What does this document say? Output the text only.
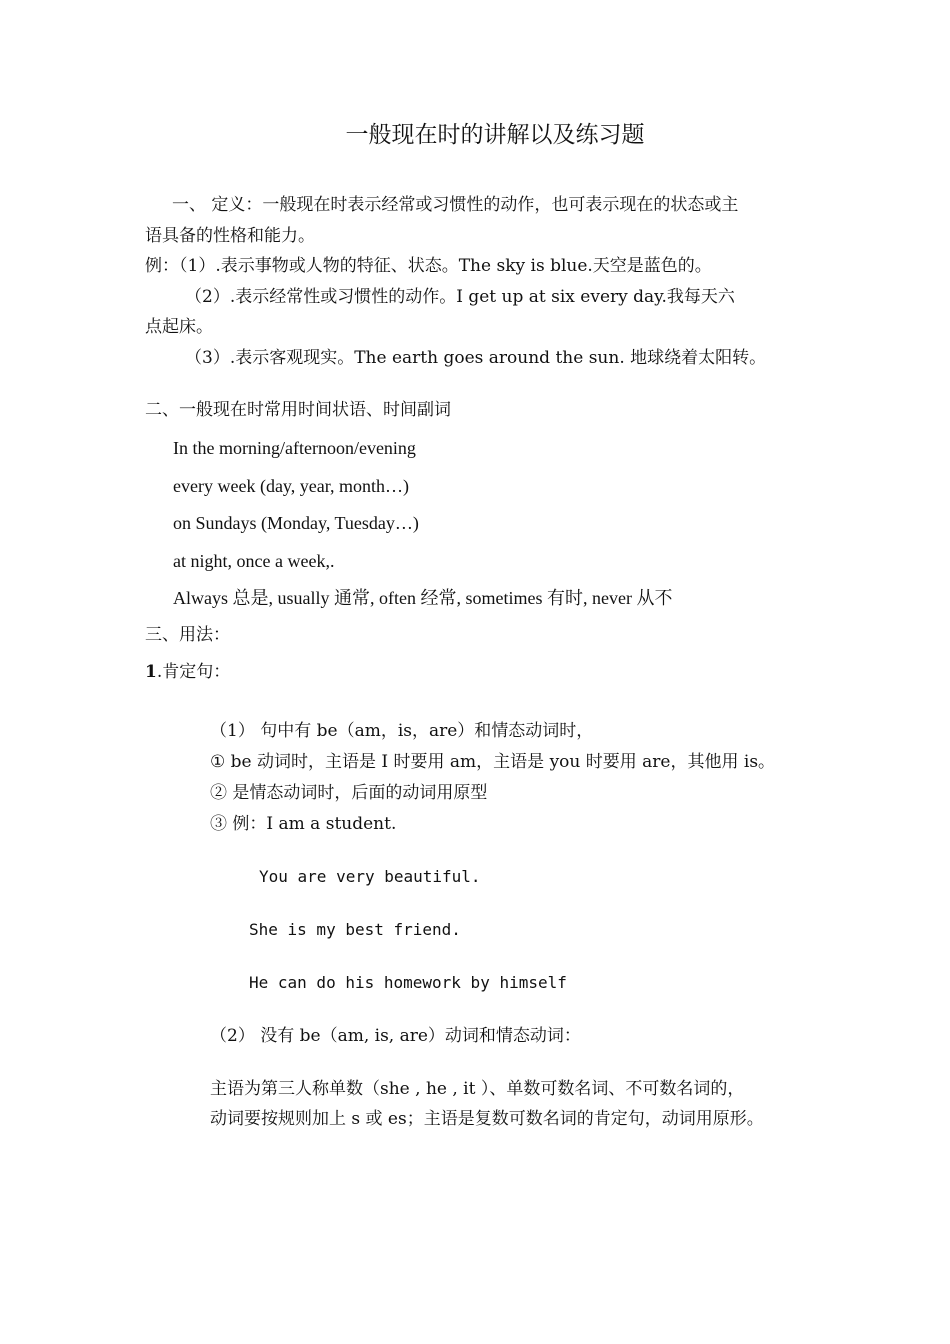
一般现在时的讲解以及练习题
一、 定义：一般现在时表示经常或习惯性的动作，也可表示现在的状态或主
语具备的性格和能力。
例：（1）.表示事物或人物的特征、状态。The sky is blue.天空是蓝色的。
（2）.表示经常性或习惯性的动作。I get up at six every day.我每天六
点起床。
（3）.表示客观现实。The earth goes around the sun. 地球绕着太阳转。
二、一般现在时常用时间状语、时间副词
In the morning/afternoon/evening
every week (day, year, month…)
on Sundays (Monday, Tuesday…)
at night, once a week,.
Always 总是, usually 通常, often 经常, sometimes 有时, never 从不
三、用法：
1.肯定句：
（1） 句中有 be（am，is，are）和情态动词时，
① be 动词时，主语是 I 时要用 am，主语是 you 时要用 are，其他用 is。
② 是情态动词时，后面的动词用原型
③ 例：I am a student.
You are very beautiful.
She is my best friend.
He can do his homework by himself
（2） 没有 be（am, is, are）动词和情态动词：
主语为第三人称单数（she , he , it ）、单数可数名词、不可数名词的，
动词要按规则加上 s 或 es；主语是复数可数名词的肯定句，动词用原形。
